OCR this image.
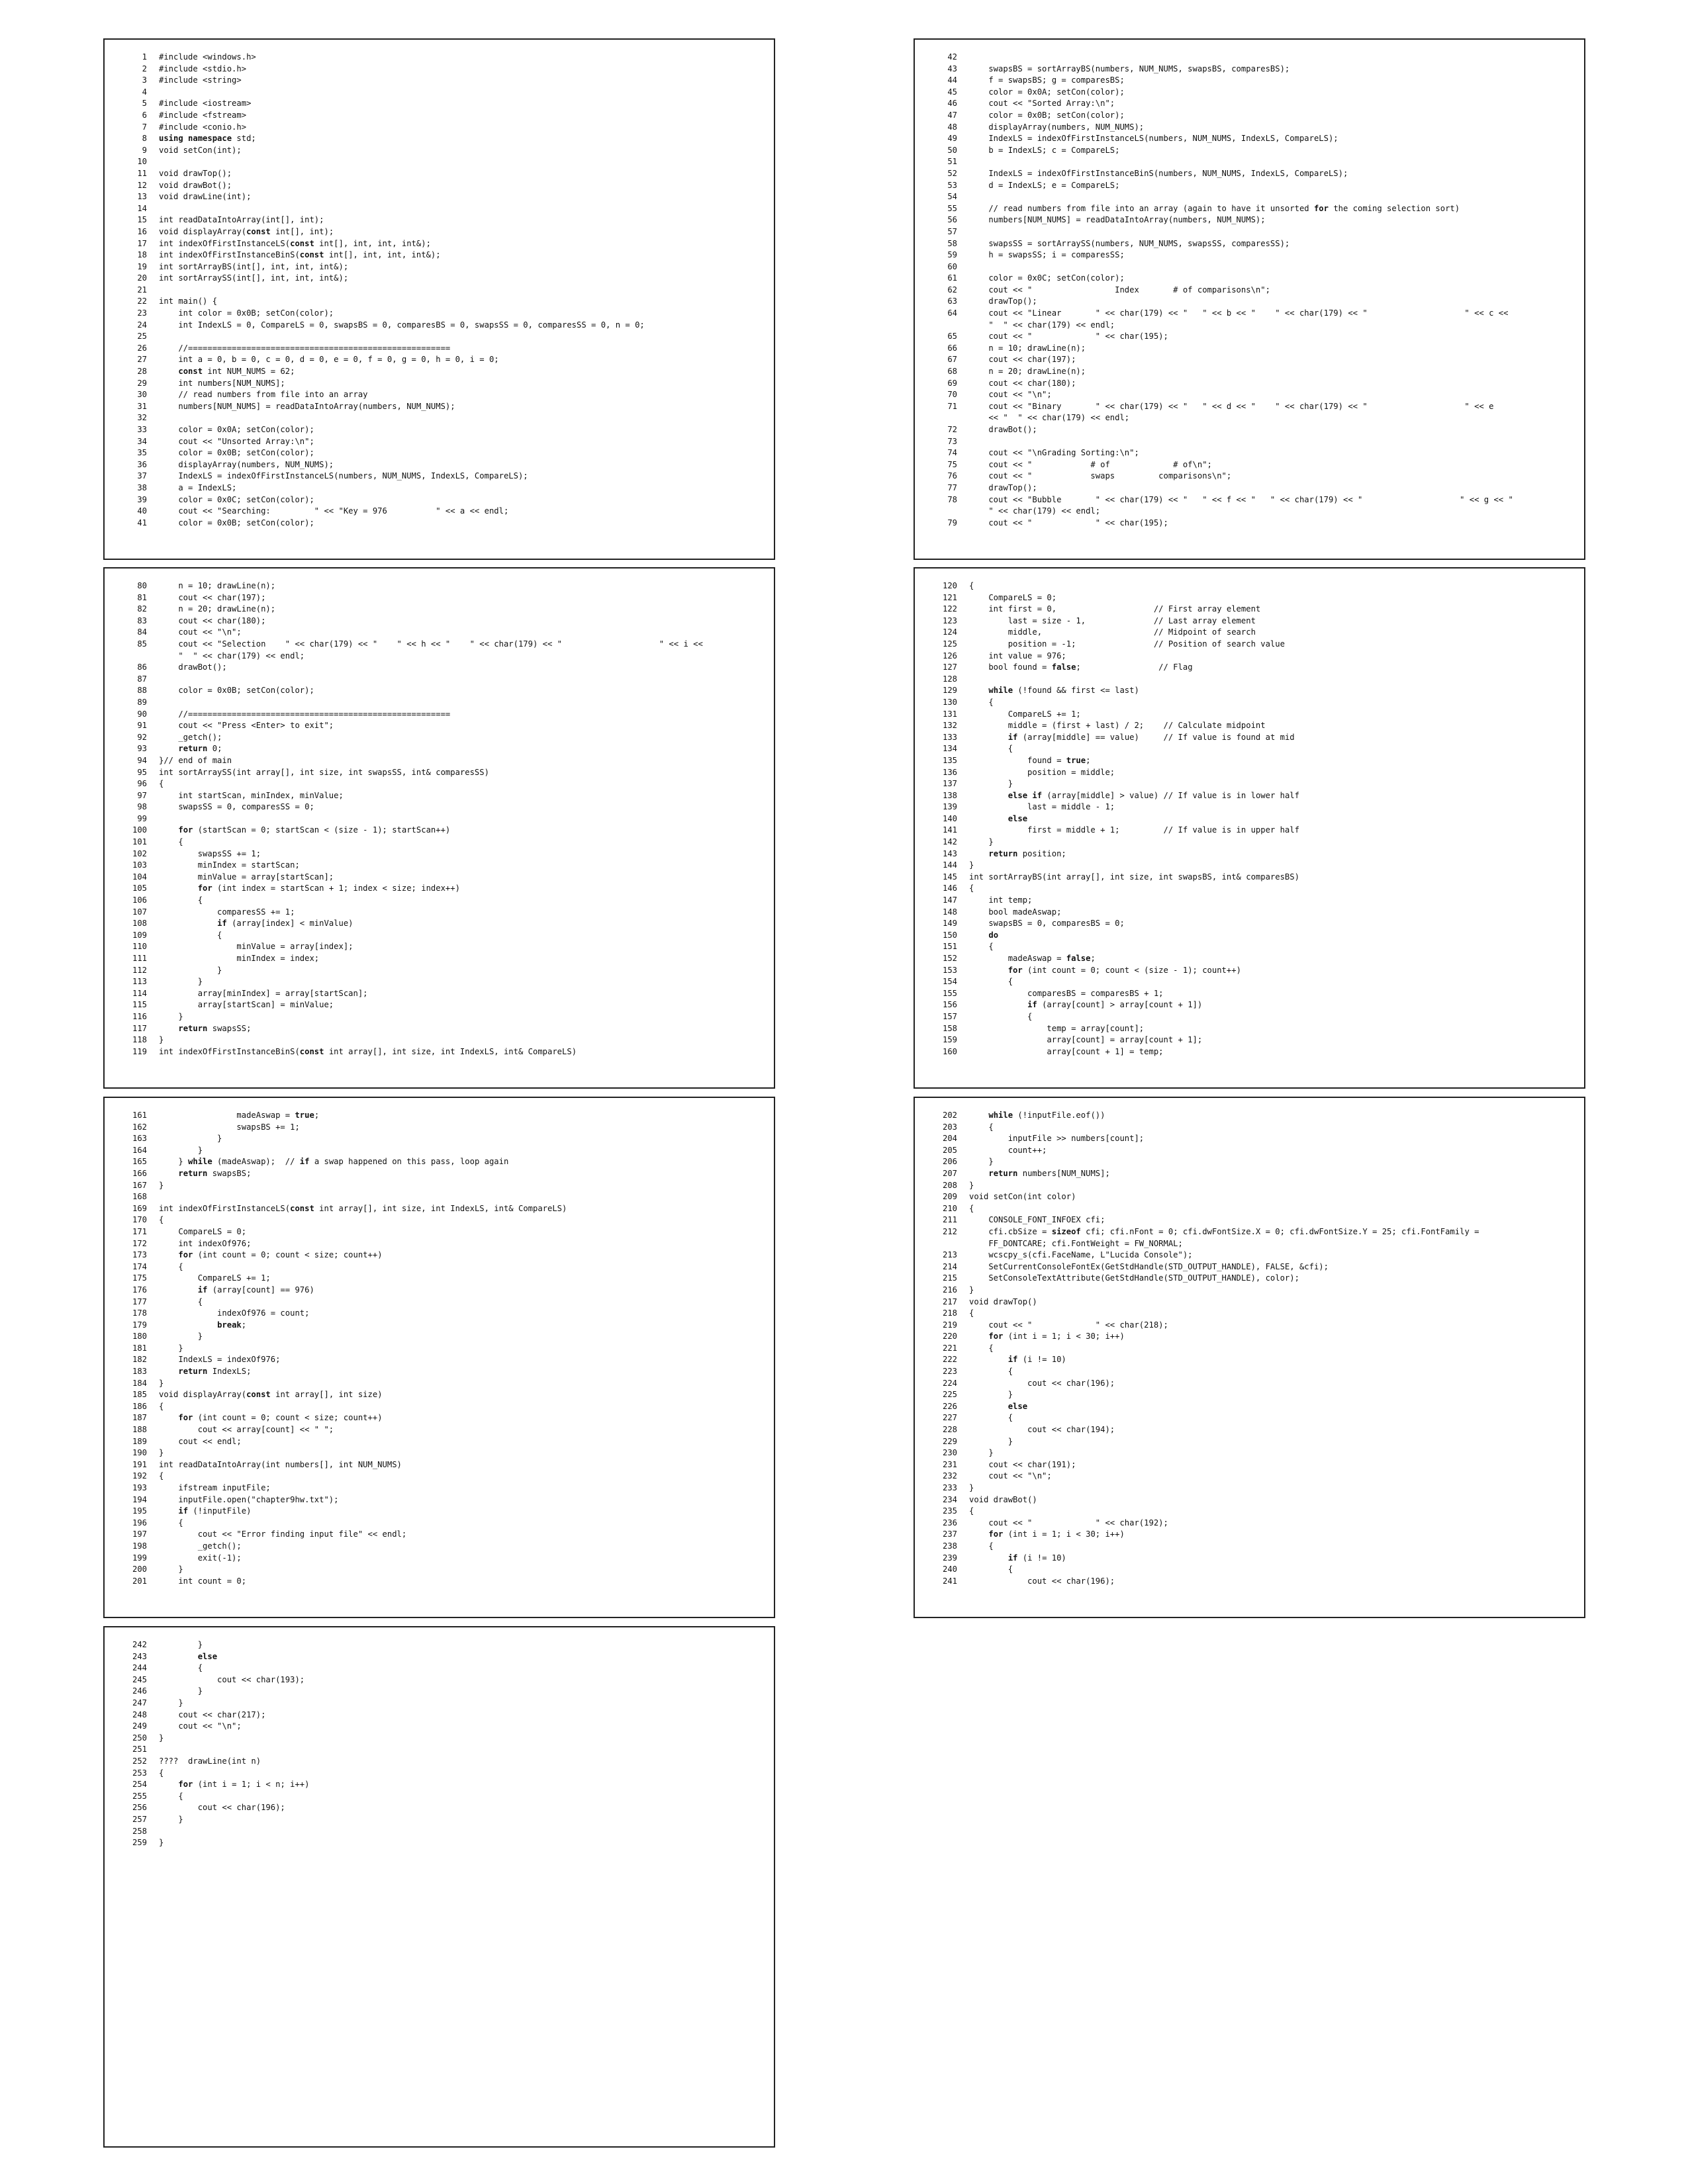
1	#include <windows.h>
2	#include <stdio.h>
3	#include <string>
4
5	#include <iostream>
6	#include <fstream>
7	#include <conio.h>
8	using namespace std;
9	void setCon(int);
10
11	void drawTop();
12	void drawBot();
13	void drawLine(int);
14
15	int readDataIntoArray(int[], int);
16	void displayArray(const int[], int);
17	int indexOfFirstInstanceLS(const int[], int, int, int&);
18	int indexOfFirstInstanceBinS(const int[], int, int, int&);
19	int sortArrayBS(int[], int, int, int&);
20	int sortArraySS(int[], int, int, int&);
21
22	int main() {
23	int color = 0x0B; setCon(color);
24	int IndexLS = 0, CompareLS = 0, swapsBS = 0, comparesBS = 0, swapsSS = 0, comparesSS = 0, n = 0;
25
26	//======================================================
27	int a = 0, b = 0, c = 0, d = 0, e = 0, f = 0, g = 0, h = 0, i = 0;
28	const int NUM_NUMS = 62;
29	int numbers[NUM_NUMS];
30	// read numbers from file into an array
31	numbers[NUM_NUMS] = readDataIntoArray(numbers, NUM_NUMS);
32
33	color = 0x0A; setCon(color);
34	cout << "Unsorted Array:\n";
35	color = 0x0B; setCon(color);
36	displayArray(numbers, NUM_NUMS);
37	IndexLS = indexOfFirstInstanceLS(numbers, NUM_NUMS, IndexLS, CompareLS);
38	a = IndexLS;
39	color = 0x0C; setCon(color);
40	cout << "Searching:         " << "Key = 976          " << a << endl;
41	color = 0x0B; setCon(color);
42
43	swapsBS = sortArrayBS(numbers, NUM_NUMS, swapsBS, comparesBS);
44	f = swapsBS; g = comparesBS;
45	color = 0x0A; setCon(color);
46	cout << "Sorted Array:\n";
47	color = 0x0B; setCon(color);
48	displayArray(numbers, NUM_NUMS);
49	IndexLS = indexOfFirstInstanceLS(numbers, NUM_NUMS, IndexLS, CompareLS);
50	b = IndexLS; c = CompareLS;
51
52	IndexLS = indexOfFirstInstanceBinS(numbers, NUM_NUMS, IndexLS, CompareLS);
53	d = IndexLS; e = CompareLS;
54
55	// read numbers from file into an array (again to have it unsorted for the coming selection sort)
56	numbers[NUM_NUMS] = readDataIntoArray(numbers, NUM_NUMS);
57
58	swapsSS = sortArraySS(numbers, NUM_NUMS, swapsSS, comparesSS);
59	h = swapsSS; i = comparesSS;
60
61	color = 0x0C; setCon(color);
62	cout << "                 Index       # of comparisons\n";
63	drawTop();
64	cout << "Linear       " << char(179) << "   " << b << "    " << char(179) << "                    " << c <<
"  " << char(179) << endl;
65	cout << "             " << char(195);
66	n = 10; drawLine(n);
67	cout << char(197);
68	n = 20; drawLine(n);
69	cout << char(180);
70	cout << "\n";
71	cout << "Binary       " << char(179) << "   " << d << "    " << char(179) << "                    " << e
<< "  " << char(179) << endl;
72	drawBot();
73
74	cout << "\nGrading Sorting:\n";
75	cout << "            # of             # of\n";
76	cout << "            swaps         comparisons\n";
77	drawTop();
78	cout << "Bubble       " << char(179) << "   " << f << "   " << char(179) << "                    " << g << "
" << char(179) << endl;
79	cout << "             " << char(195);
80	n = 10; drawLine(n);
81	cout << char(197);
82	n = 20; drawLine(n);
83	cout << char(180);
84	cout << "\n";
85	cout << "Selection    " << char(179) << "    " << h << "    " << char(179) << "                    " << i <<
"  " << char(179) << endl;
86	drawBot();
87
88	color = 0x0B; setCon(color);
89
90	//======================================================
91	cout << "Press <Enter> to exit";
92	_getch();
93	return 0;
94	}// end of main
95	int sortArraySS(int array[], int size, int swapsSS, int& comparesSS)
96	{
97	int startScan, minIndex, minValue;
98	swapsSS = 0, comparesSS = 0;
99
100	for (startScan = 0; startScan < (size - 1); startScan++)
101	{
102	swapsSS += 1;
103	minIndex = startScan;
104	minValue = array[startScan];
105	for (int index = startScan + 1; index < size; index++)
106	{
107	comparesSS += 1;
108	if (array[index] < minValue)
109	{
110	minValue = array[index];
111	minIndex = index;
112	}
113	}
114	array[minIndex] = array[startScan];
115	array[startScan] = minValue;
116	}
117	return swapsSS;
118	}
119	int indexOfFirstInstanceBinS(const int array[], int size, int IndexLS, int& CompareLS)
120	{
121	CompareLS = 0;
122	int first = 0,                    // First array element
123	last = size - 1,              // Last array element
124	middle,                       // Midpoint of search
125	position = -1;                // Position of search value
126	int value = 976;
127	bool found = false;                // Flag
128
129	while (!found && first <= last)
130	{
131	CompareLS += 1;
132	middle = (first + last) / 2;    // Calculate midpoint
133	if (array[middle] == value)     // If value is found at mid
134	{
135	found = true;
136	position = middle;
137	}
138	else if (array[middle] > value) // If value is in lower half
139	last = middle - 1;
140	else
141	first = middle + 1;         // If value is in upper half
142	}
143	return position;
144	}
145	int sortArrayBS(int array[], int size, int swapsBS, int& comparesBS)
146	{
147	int temp;
148	bool madeAswap;
149	swapsBS = 0, comparesBS = 0;
150	do
151	{
152	madeAswap = false;
153	for (int count = 0; count < (size - 1); count++)
154	{
155	comparesBS = comparesBS + 1;
156	if (array[count] > array[count + 1])
157	{
158	temp = array[count];
159	array[count] = array[count + 1];
160	array[count + 1] = temp;
161	madeAswap = true;
162	swapsBS += 1;
163	}
164	}
165	} while (madeAswap);  // if a swap happened on this pass, loop again
166	return swapsBS;
167	}
168
169	int indexOfFirstInstanceLS(const int array[], int size, int IndexLS, int& CompareLS)
170	{
171	CompareLS = 0;
172	int indexOf976;
173	for (int count = 0; count < size; count++)
174	{
175	CompareLS += 1;
176	if (array[count] == 976)
177	{
178	indexOf976 = count;
179	break;
180	}
181	}
182	IndexLS = indexOf976;
183	return IndexLS;
184	}
185	void displayArray(const int array[], int size)
186	{
187	for (int count = 0; count < size; count++)
188	cout << array[count] << " ";
189	cout << endl;
190	}
191	int readDataIntoArray(int numbers[], int NUM_NUMS)
192	{
193	ifstream inputFile;
194	inputFile.open("chapter9hw.txt");
195	if (!inputFile)
196	{
197	cout << "Error finding input file" << endl;
198	_getch();
199	exit(-1);
200	}
201	int count = 0;
202	while (!inputFile.eof())
203	{
204	inputFile >> numbers[count];
205	count++;
206	}
207	return numbers[NUM_NUMS];
208	}
209	void setCon(int color)
210	{
211	CONSOLE_FONT_INFOEX cfi;
212	cfi.cbSize = sizeof cfi; cfi.nFont = 0; cfi.dwFontSize.X = 0; cfi.dwFontSize.Y = 25; cfi.FontFamily =
FF_DONTCARE; cfi.FontWeight = FW_NORMAL;
213	wcscpy_s(cfi.FaceName, L"Lucida Console");
214	SetCurrentConsoleFontEx(GetStdHandle(STD_OUTPUT_HANDLE), FALSE, &cfi);
215	SetConsoleTextAttribute(GetStdHandle(STD_OUTPUT_HANDLE), color);
216	}
217	void drawTop()
218	{
219	cout << "             " << char(218);
220	for (int i = 1; i < 30; i++)
221	{
222	if (i != 10)
223	{
224	cout << char(196);
225	}
226	else
227	{
228	cout << char(194);
229	}
230	}
231	cout << char(191);
232	cout << "\n";
233	}
234	void drawBot()
235	{
236	cout << "             " << char(192);
237	for (int i = 1; i < 30; i++)
238	{
239	if (i != 10)
240	{
241	cout << char(196);
242	}
243	else
244	{
245	cout << char(193);
246	}
247	}
248	cout << char(217);
249	cout << "\n";
250	}
251
252	????  drawLine(int n)
253	{
254	for (int i = 1; i < n; i++)
255	{
256	cout << char(196);
257	}
258
259	}
